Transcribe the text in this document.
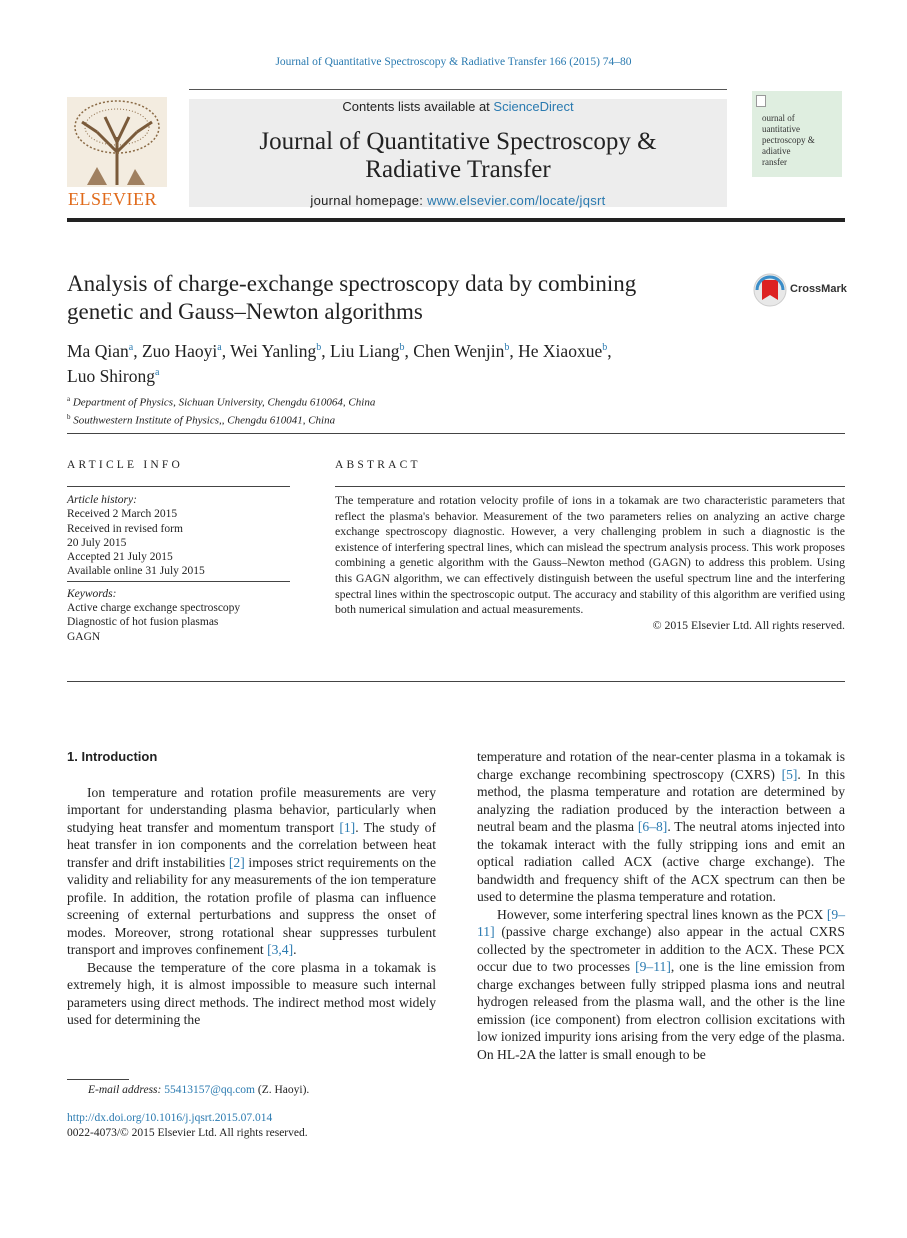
Journal of Quantitative Spectroscopy & Radiative Transfer 166 (2015) 74–80
ELSEVIER
Contents lists available at ScienceDirect
Journal of Quantitative Spectroscopy &
Radiative Transfer
journal homepage: www.elsevier.com/locate/jqsrt
ournal of
uantitative
pectroscopy &
adiative
ransfer
Analysis of charge-exchange spectroscopy data by combining
genetic and Gauss–Newton algorithms
CrossMark
Ma Qian$^a$, Zuo Haoyi$^a$, Wei Yanling$^b$, Liu Liang$^b$, Chen Wenjin$^b$, He Xiaoxue$^b$,
Luo Shirong$^a$
$^a$ Department of Physics, Sichuan University, Chengdu 610064, China
$^b$ Southwestern Institute of Physics,, Chengdu 610041, China
ARTICLE INFO
Article history:
Received 2 March 2015
Received in revised form
20 July 2015
Accepted 21 July 2015
Available online 31 July 2015
Keywords:
Active charge exchange spectroscopy
Diagnostic of hot fusion plasmas
GAGN
ABSTRACT
The temperature and rotation velocity profile of ions in a tokamak are two characteristic parameters that reflect the plasma's behavior. Measurement of the two parameters relies on analyzing an active charge exchange spectroscopy diagnostic. However, a very challenging problem in such a diagnostic is the existence of interfering spectral lines, which can mislead the spectrum analysis process. This work proposes combining a genetic algorithm with the Gauss–Newton method (GAGN) to address this problem. Using this GAGN algorithm, we can effectively distinguish between the useful spectrum line and the interfering spectral lines within the spectroscopic output. The accuracy and stability of this algorithm are verified using both numerical simulation and actual measurements.
© 2015 Elsevier Ltd. All rights reserved.
1. Introduction

Ion temperature and rotation profile measurements are very important for understanding plasma behavior, particularly when studying heat transfer and momentum transport [1]. The study of heat transfer in ion components and the correlation between heat transfer and drift instabilities [2] imposes strict requirements on the validity and reliability for any measurements of the ion temperature profile. In addition, the rotation profile of plasma can influence screening of external perturbations and suppress the onset of modes. Moreover, strong rotational shear suppresses turbulent transport and improves confinement [3,4].

Because the temperature of the core plasma in a tokamak is extremely high, it is almost impossible to measure such internal parameters using direct methods. The indirect method most widely used for determining the

temperature and rotation of the near-center plasma in a tokamak is charge exchange recombining spectroscopy (CXRS) [5]. In this method, the plasma temperature and rotation are determined by analyzing the radiation produced by the interaction between a neutral beam and the plasma [6–8]. The neutral atoms injected into the tokamak interact with the fully stripping ions and emit an optical radiation called ACX (active charge exchange). The bandwidth and frequency shift of the ACX spectrum can then be used to determine the plasma temperature and rotation.

However, some interfering spectral lines known as the PCX [9–11] (passive charge exchange) also appear in the actual CXRS collected by the spectrometer in addition to the ACX. These PCX occur due to two processes [9–11], one is the line emission from charge exchanges between fully stripped plasma ions and neutral hydrogen released from the plasma wall, and the other is the line emission (ice component) from electron collision excitations with low ionized impurity ions arising from the very edge of the plasma. On HL-2A the latter is small enough to be

E-mail address: 55413157@qq.com (Z. Haoyi).
http://dx.doi.org/10.1016/j.jqsrt.2015.07.014
0022-4073/© 2015 Elsevier Ltd. All rights reserved.
